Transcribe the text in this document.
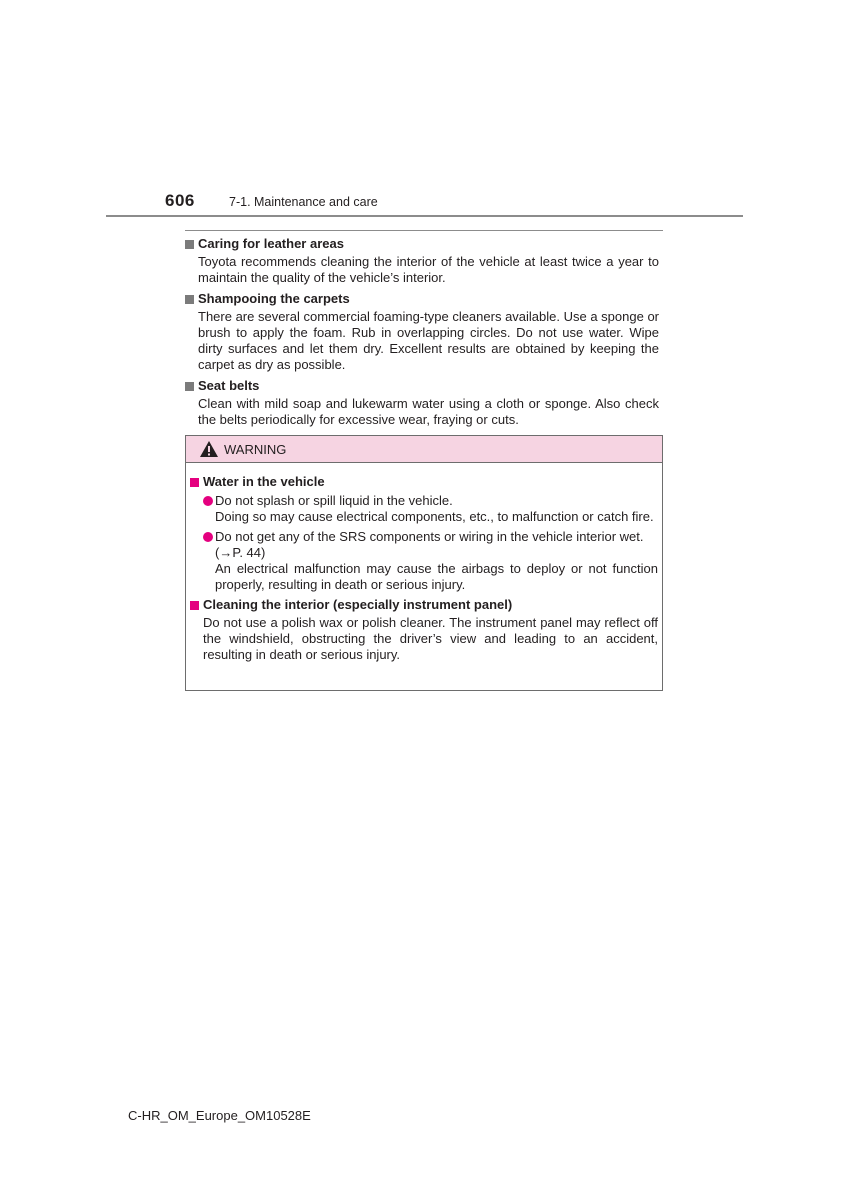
606	7-1. Maintenance and care
Caring for leather areas
Toyota recommends cleaning the interior of the vehicle at least twice a year to maintain the quality of the vehicle’s interior.
Shampooing the carpets
There are several commercial foaming-type cleaners available. Use a sponge or brush to apply the foam. Rub in overlapping circles. Do not use water. Wipe dirty surfaces and let them dry. Excellent results are obtained by keeping the carpet as dry as possible.
Seat belts
Clean with mild soap and lukewarm water using a cloth or sponge. Also check the belts periodically for excessive wear, fraying or cuts.
WARNING
Water in the vehicle
Do not splash or spill liquid in the vehicle.
Doing so may cause electrical components, etc., to malfunction or catch fire.
Do not get any of the SRS components or wiring in the vehicle interior wet.
(→P. 44)
An electrical malfunction may cause the airbags to deploy or not function properly, resulting in death or serious injury.
Cleaning the interior (especially instrument panel)
Do not use a polish wax or polish cleaner. The instrument panel may reflect off the windshield, obstructing the driver’s view and leading to an accident, resulting in death or serious injury.
C-HR_OM_Europe_OM10528E
